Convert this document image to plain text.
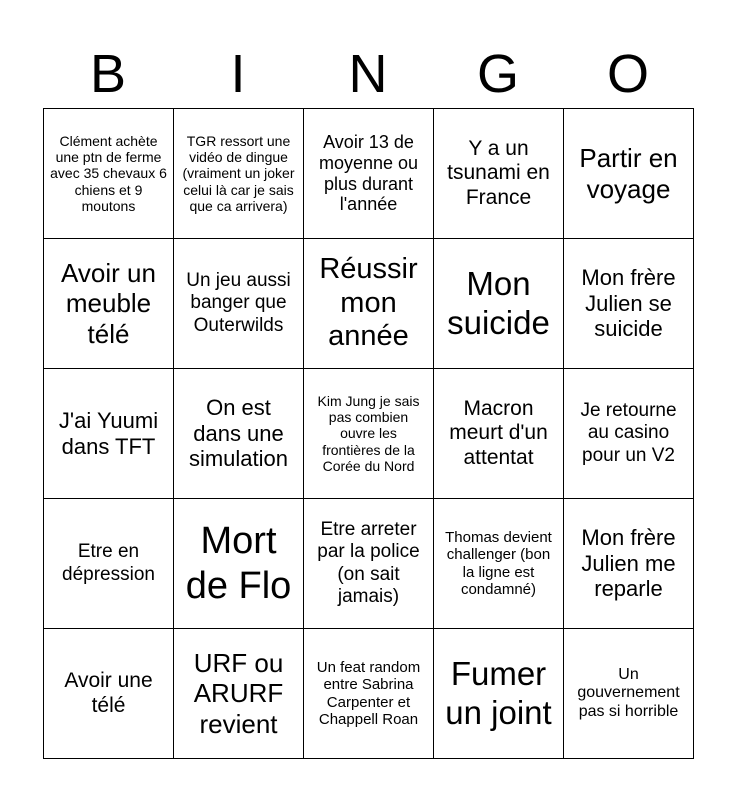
B	I	N	G	O
Clément achète une ptn de ferme avec 35 chevaux 6 chiens et 9 moutons	TGR ressort une vidéo de dingue (vraiment un joker celui là car je sais que ca arrivera)	Avoir 13 de moyenne ou plus durant l'année	Y a un tsunami en France	Partir en voyage
Avoir un meuble télé	Un jeu aussi banger que Outerwilds	Réussir mon année	Mon suicide	Mon frère Julien se suicide
J'ai Yuumi dans TFT	On est dans une simulation	Kim Jung je sais pas combien ouvre les frontières de la Corée du Nord	Macron meurt d'un attentat	Je retourne au casino pour un V2
Etre en dépression	Mort de Flo	Etre arreter par la police (on sait jamais)	Thomas devient challenger (bon la ligne est condamné)	Mon frère Julien me reparle
Avoir une télé	URF ou ARURF revient	Un feat random entre Sabrina Carpenter et Chappell Roan	Fumer un joint	Un gouvernement pas si horrible
